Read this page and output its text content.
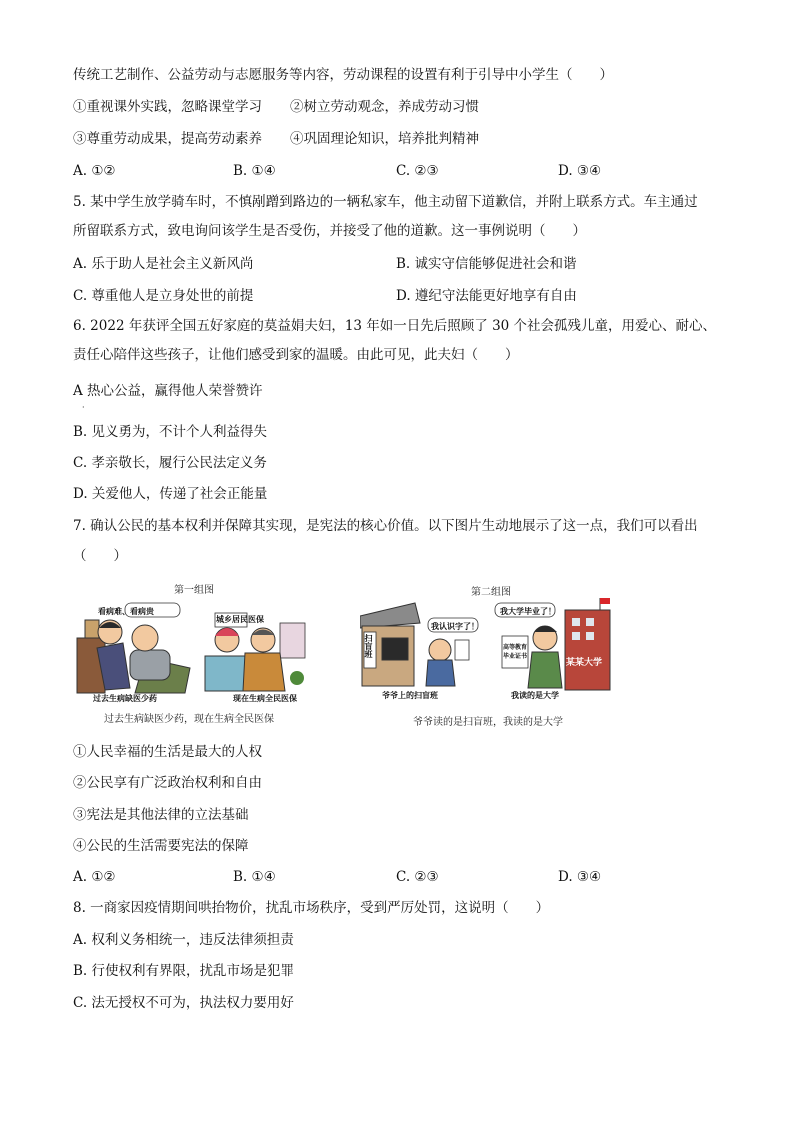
传统工艺制作、公益劳动与志愿服务等内容，劳动课程的设置有利于引导中小学生（　　）
①重视课外实践，忽略课堂学习 ②树立劳动观念，养成劳动习惯
③尊重劳动成果，提高劳动素养 ④巩固理论知识，培养批判精神
A. ①②	B. ①④	C. ②③	D. ③④
5. 某中学生放学骑车时，不慎剐蹭到路边的一辆私家车，他主动留下道歉信，并附上联系方式。车主通过
所留联系方式，致电询问该学生是否受伤，并接受了他的道歉。这一事例说明（　　）
A. 乐于助人是社会主义新风尚	B. 诚实守信能够促进社会和谐
C. 尊重他人是立身处世的前提	D. 遵纪守法能更好地享有自由
6. 2022 年获评全国五好家庭的莫益娟夫妇，13 年如一日先后照顾了 30 个社会孤残儿童，用爱心、耐心、
责任心陪伴这些孩子，让他们感受到家的温暖。由此可见，此夫妇（　　）
A 热心公益，赢得他人荣誉赞许
·
B. 见义勇为，不计个人利益得失
C. 孝亲敬长，履行公民法定义务
D. 关爱他人，传递了社会正能量
7. 确认公民的基本权利并保障其实现，是宪法的核心价值。以下图片生动地展示了这一点，我们可以看出
（　　）
第一组图
看病难、看病贵
城乡居民医保
过去生病缺医少药	现在生病全民医保
过去生病缺医少药，现在生病全民医保
第二组图
扫盲班
我认识字了！
我大学毕业了！
高等教育毕业证书
某某大学
爷爷上的扫盲班	我读的是大学
爷爷读的是扫盲班，我读的是大学
①人民幸福的生活是最大的人权
②公民享有广泛政治权利和自由
③宪法是其他法律的立法基础
④公民的生活需要宪法的保障
A. ①②	B. ①④	C. ②③	D. ③④
8. 一商家因疫情期间哄抬物价，扰乱市场秩序，受到严厉处罚，这说明（　　）
A. 权利义务相统一，违反法律须担责
B. 行使权利有界限，扰乱市场是犯罪
C. 法无授权不可为，执法权力要用好
